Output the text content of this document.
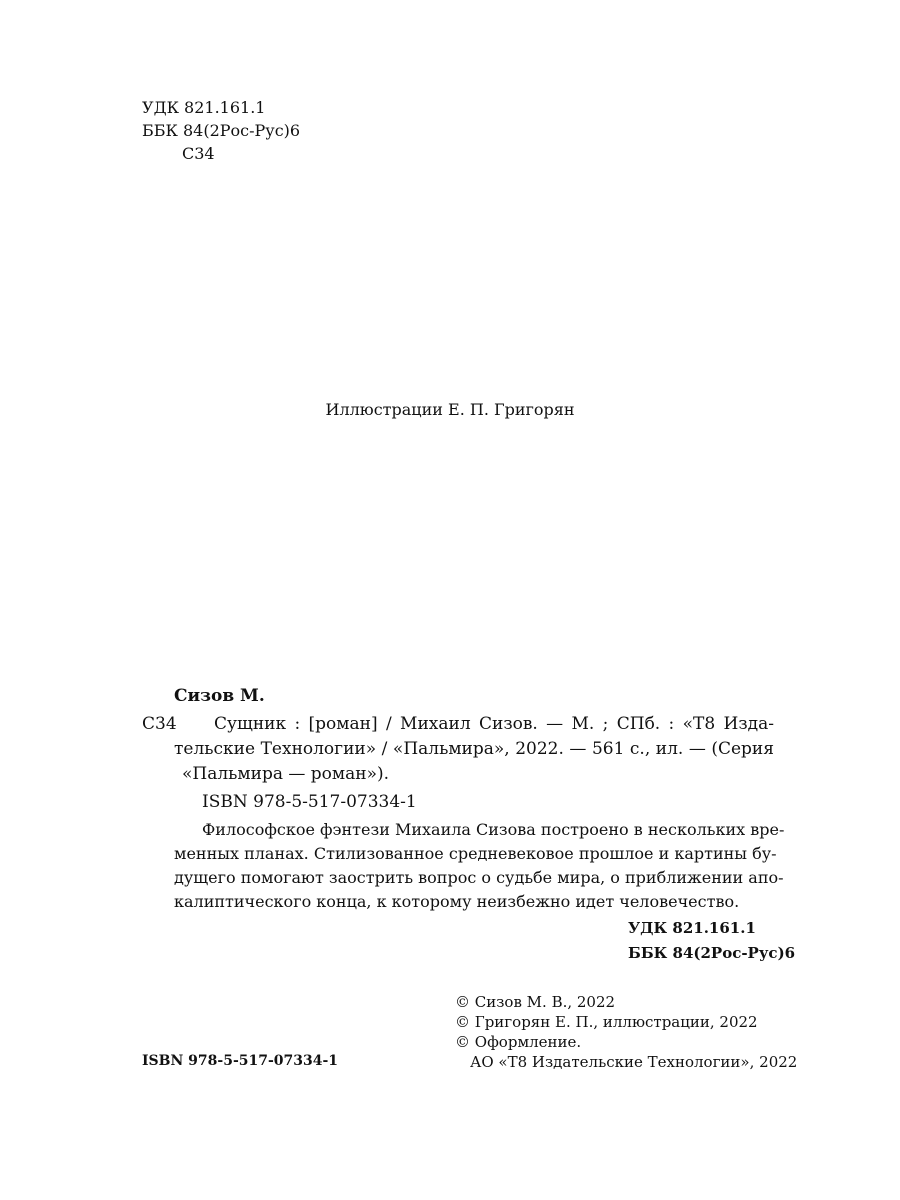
УДК 821.161.1
ББК 84(2Рос-Рус)6
С34
Иллюстрации Е. П. Григорян
Сизов М.
С34	Сущник : [роман] / Михаил Сизов. — М. ; СПб. : «Т8 Изда-
тельские Технологии» / «Пальмира», 2022. — 561 с., ил. — (Серия
«Пальмира — роман»).
ISBN 978-5-517-07334-1
Философское фэнтези Михаила Сизова построено в нескольких вре-
менных планах. Стилизованное средневековое прошлое и картины бу-
дущего помогают заострить вопрос о судьбе мира, о приближении апо-
калиптического конца, к которому неизбежно идет человечество.
УДК 821.161.1
ББК 84(2Рос-Рус)6
© Сизов М. В., 2022
© Григорян Е. П., иллюстрации, 2022
© Оформление.
АО «Т8 Издательские Технологии», 2022
ISBN 978-5-517-07334-1
